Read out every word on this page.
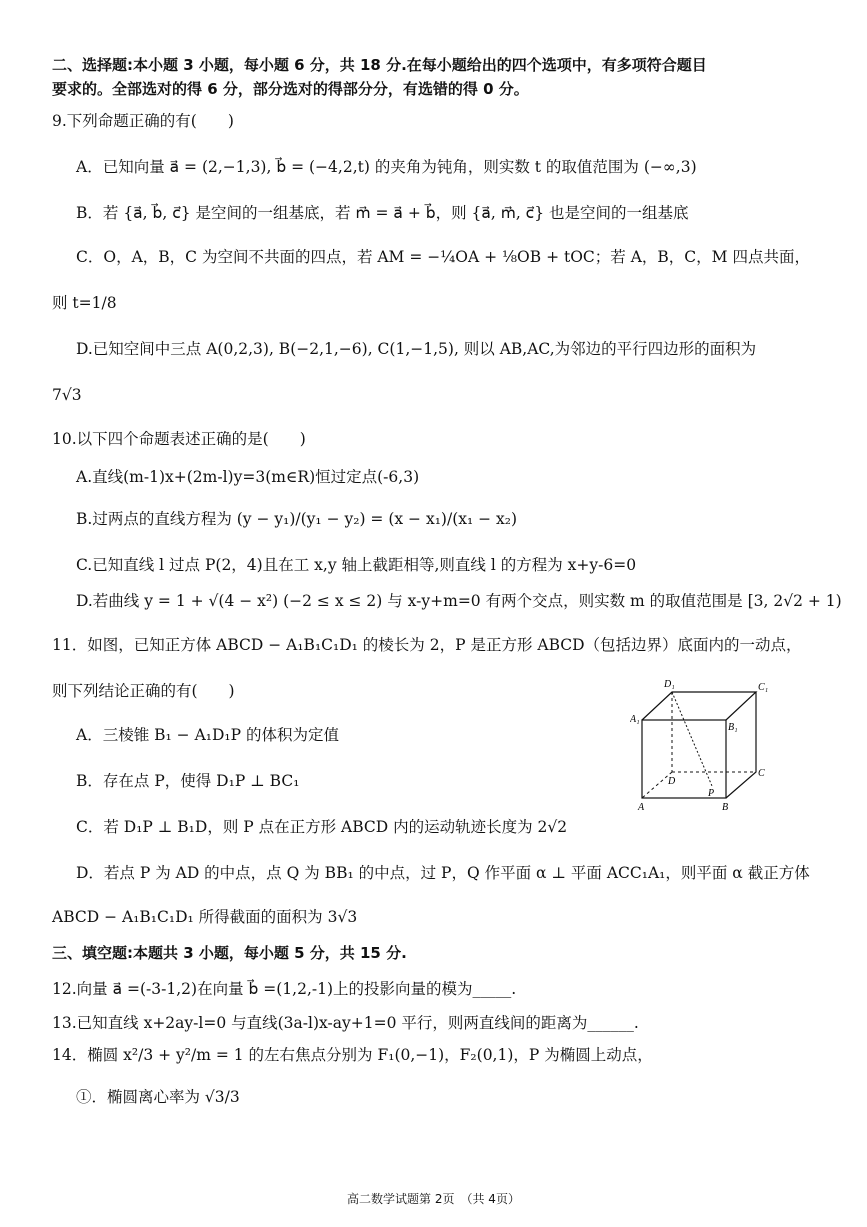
二、选择题:本小题 3 小题，每小题 6 分，共 18 分.在每小题给出的四个选项中，有多项符合题目
要求的。全部选对的得 6 分，部分选对的得部分分，有选错的得 0 分。
9.下列命题正确的有(　　)
A．已知向量 a⃗ = (2,−1,3), b⃗ = (−4,2,t) 的夹角为钝角，则实数 t 的取值范围为 (−∞,3)
B．若 {a⃗, b⃗, c⃗} 是空间的一组基底，若 m⃗ = a⃗ + b⃗，则 {a⃗, m⃗, c⃗} 也是空间的一组基底
C．O，A，B，C 为空间不共面的四点，若 AM = −¼OA + ⅛OB + tOC；若 A，B，C，M 四点共面，
则 t=1/8
D.已知空间中三点 A(0,2,3), B(−2,1,−6), C(1,−1,5), 则以 AB,AC,为邻边的平行四边形的面积为
7√3
10.以下四个命题表述正确的是(　　)
A.直线(m-1)x+(2m-l)y=3(m∈R)恒过定点(-6,3)
B.过两点的直线方程为 (y − y₁)/(y₁ − y₂) = (x − x₁)/(x₁ − x₂)
C.已知直线 l 过点 P(2，4)且在工 x,y 轴上截距相等,则直线 l 的方程为 x+y-6=0
D.若曲线 y = 1 + √(4 − x²) (−2 ≤ x ≤ 2) 与 x-y+m=0 有两个交点，则实数 m 的取值范围是 [3, 2√2 + 1)
11．如图，已知正方体 ABCD − A₁B₁C₁D₁ 的棱长为 2，P 是正方形 ABCD（包括边界）底面内的一动点，
则下列结论正确的有(　　)
A．三棱锥 B₁ − A₁D₁P 的体积为定值
B．存在点 P，使得 D₁P ⊥ BC₁
C．若 D₁P ⊥ B₁D，则 P 点在正方形 ABCD 内的运动轨迹长度为 2√2
D．若点 P 为 AD 的中点，点 Q 为 BB₁ 的中点，过 P，Q 作平面 α ⊥ 平面 ACC₁A₁，则平面 α 截正方体
ABCD − A₁B₁C₁D₁ 所得截面的面积为 3√3
D₁	C₁
A₁
B₁
D
C
P
A	B
三、填空题:本题共 3 小题，每小题 5 分，共 15 分.
12.向量 a⃗ =(-3-1,2)在向量 b⃗ =(1,2,-1)上的投影向量的模为_____.
13.已知直线 x+2ay-l=0 与直线(3a-l)x-ay+1=0 平行，则两直线间的距离为______.
14．椭圆 x²/3 + y²/m = 1 的左右焦点分别为 F₁(0,−1)，F₂(0,1)，P 为椭圆上动点，
①．椭圆离心率为 √3/3
高二数学试题第 2页　（共 4页）
